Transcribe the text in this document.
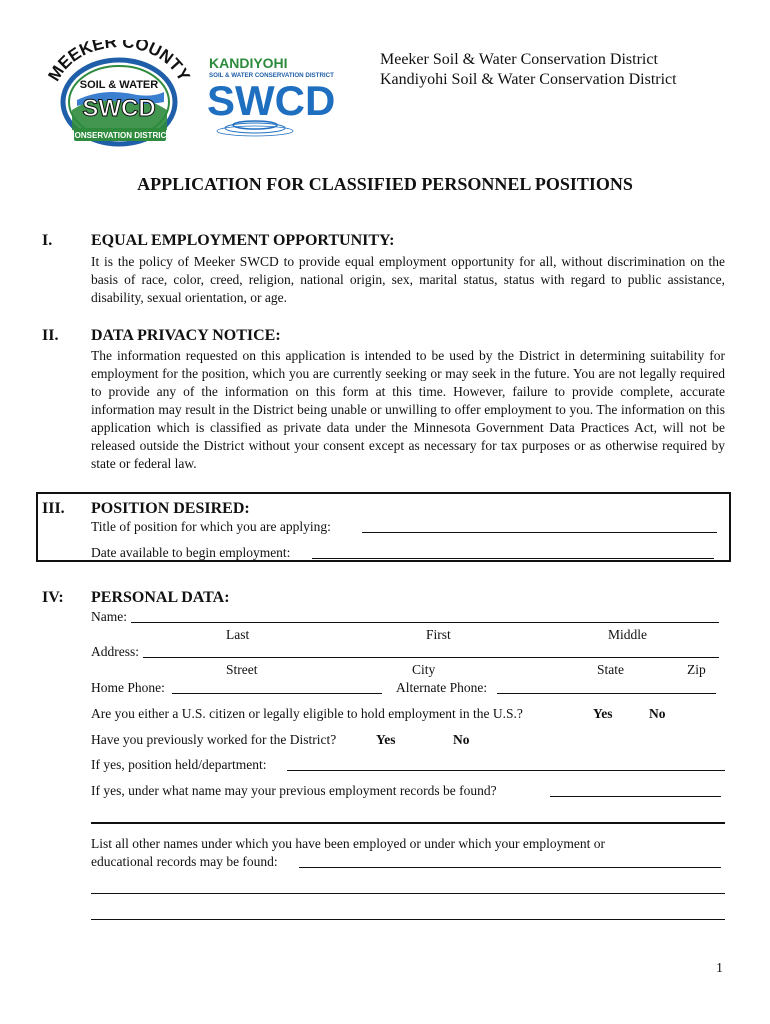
MEEKER COUNTY
SOIL & WATER
SWCD
CONSERVATION DISTRICT
KANDIYOHI
SOIL & WATER CONSERVATION DISTRICT
SWCD
Meeker Soil & Water Conservation District
Kandiyohi Soil & Water Conservation District
APPLICATION FOR CLASSIFIED PERSONNEL POSITIONS
I. EQUAL EMPLOYMENT OPPORTUNITY:
It is the policy of Meeker SWCD to provide equal employment opportunity for all, without discrimination on the basis of race, color, creed, religion, national origin, sex, marital status, status with regard to public assistance, disability, sexual orientation, or age.
II. DATA PRIVACY NOTICE:
The information requested on this application is intended to be used by the District in determining suitability for employment for the position, which you are currently seeking or may seek in the future. You are not legally required to provide any of the information on this form at this time. However, failure to provide complete, accurate information may result in the District being unable or unwilling to offer employment to you. The information on this application which is classified as private data under the Minnesota Government Data Practices Act, will not be released outside the District without your consent except as necessary for tax purposes or as otherwise required by state or federal law.
III. POSITION DESIRED:
Title of position for which you are applying:
Date available to begin employment:
IV: PERSONAL DATA:
Name:
Last	First	Middle
Address:
Street	City	State	Zip
Home Phone:	Alternate Phone:
Are you either a U.S. citizen or legally eligible to hold employment in the U.S.?	Yes	No
Have you previously worked for the District?	Yes	No
If yes, position held/department:
If yes, under what name may your previous employment records be found?
List all other names under which you have been employed or under which your employment or
educational records may be found:
1
